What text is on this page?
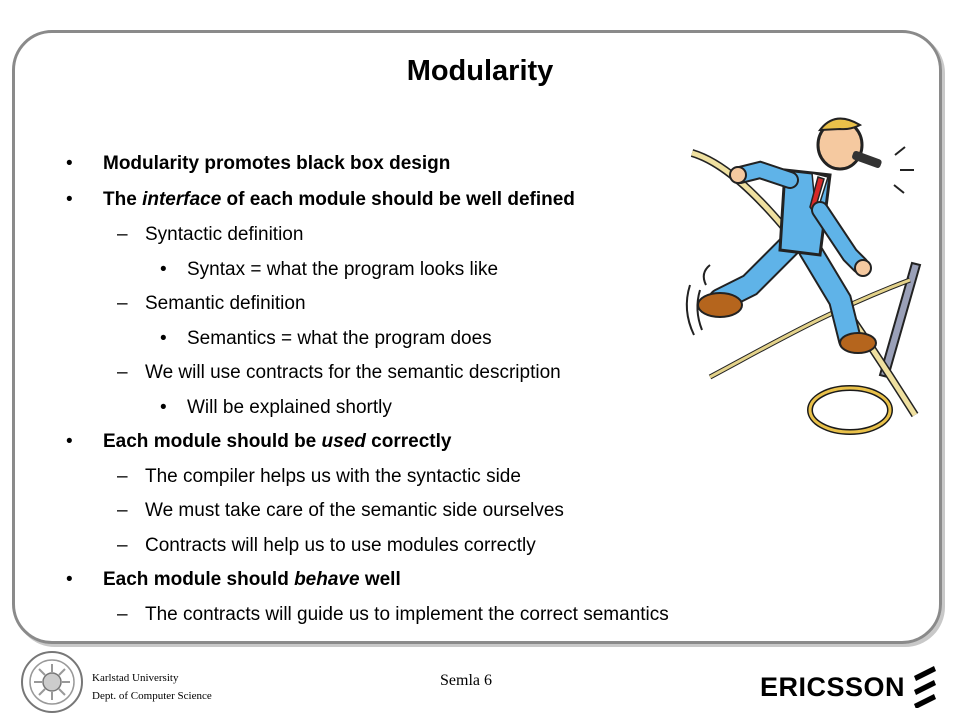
Modularity
• Modularity promotes black box design
• The interface of each module should be well defined
– Syntactic definition
• Syntax = what the program looks like
– Semantic definition
• Semantics = what the program does
– We will use contracts for the semantic description
• Will be explained shortly
• Each module should be used correctly
– The compiler helps us with the syntactic side
– We must take care of the semantic side ourselves
– Contracts will help us to use modules correctly
• Each module should behave well
– The contracts will guide us to implement the correct semantics
Karlstad University
Dept. of Computer Science
Semla 6	ERICSSON
